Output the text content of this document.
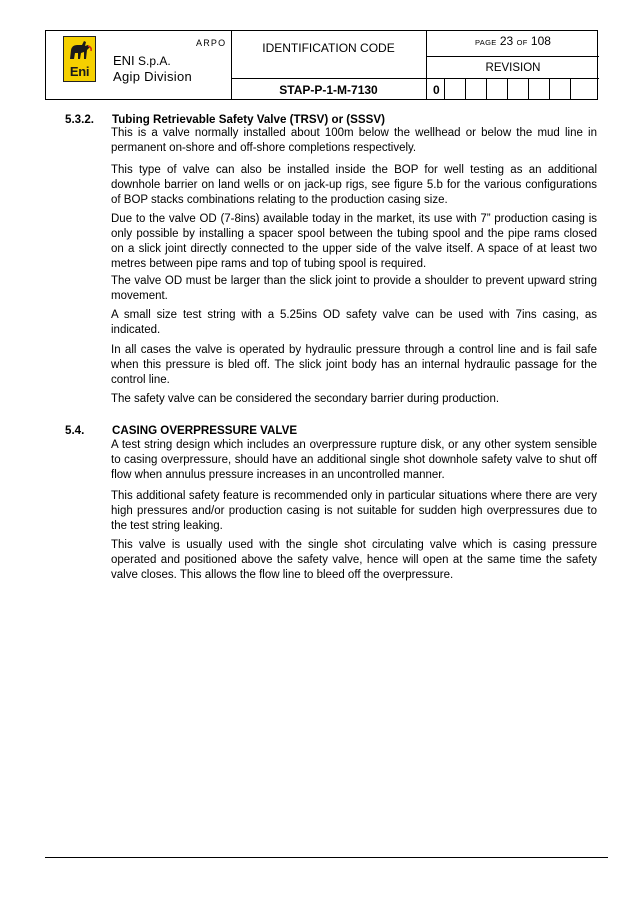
Eni
ARPO
ENI S.p.A.
Agip Division
IDENTIFICATION CODE
STAP-P-1-M-7130
PAGE 23 OF 108
REVISION
0
5.3.2. Tubing Retrievable Safety Valve (TRSV) or (SSSV)

This is a valve normally installed about 100m below the wellhead or below the mud line in permanent on-shore and off-shore completions respectively.

This type of valve can also be installed inside the BOP for well testing as an additional downhole barrier on land wells or on jack-up rigs, see figure 5.b for the various configurations of BOP stacks combinations relating to the production casing size.

Due to the valve OD (7-8ins) available today in the market, its use with 7” production casing is only possible by installing a spacer spool between the tubing spool and the pipe rams closed on a slick joint directly connected to the upper side of the valve itself. A space of at least two metres between pipe rams and top of tubing spool is required.

The valve OD must be larger than the slick joint to provide a shoulder to prevent upward string movement.

A small size test string with a 5.25ins OD safety valve can be used with 7ins casing, as indicated.

In all cases the valve is operated by hydraulic pressure through a control line and is fail safe when this pressure is bled off. The slick joint body has an internal hydraulic passage for the control line.

The safety valve can be considered the secondary barrier during production.

5.4. CASING OVERPRESSURE VALVE

A test string design which includes an overpressure rupture disk, or any other system sensible to casing overpressure, should have an additional single shot downhole safety valve to shut off flow when annulus pressure increases in an uncontrolled manner.

This additional safety feature is recommended only in particular situations where there are very high pressures and/or production casing is not suitable for sudden high overpressures due to the test string leaking.

This valve is usually used with the single shot circulating valve which is casing pressure operated and positioned above the safety valve, hence will open at the same time the safety valve closes. This allows the flow line to bleed off the overpressure.
